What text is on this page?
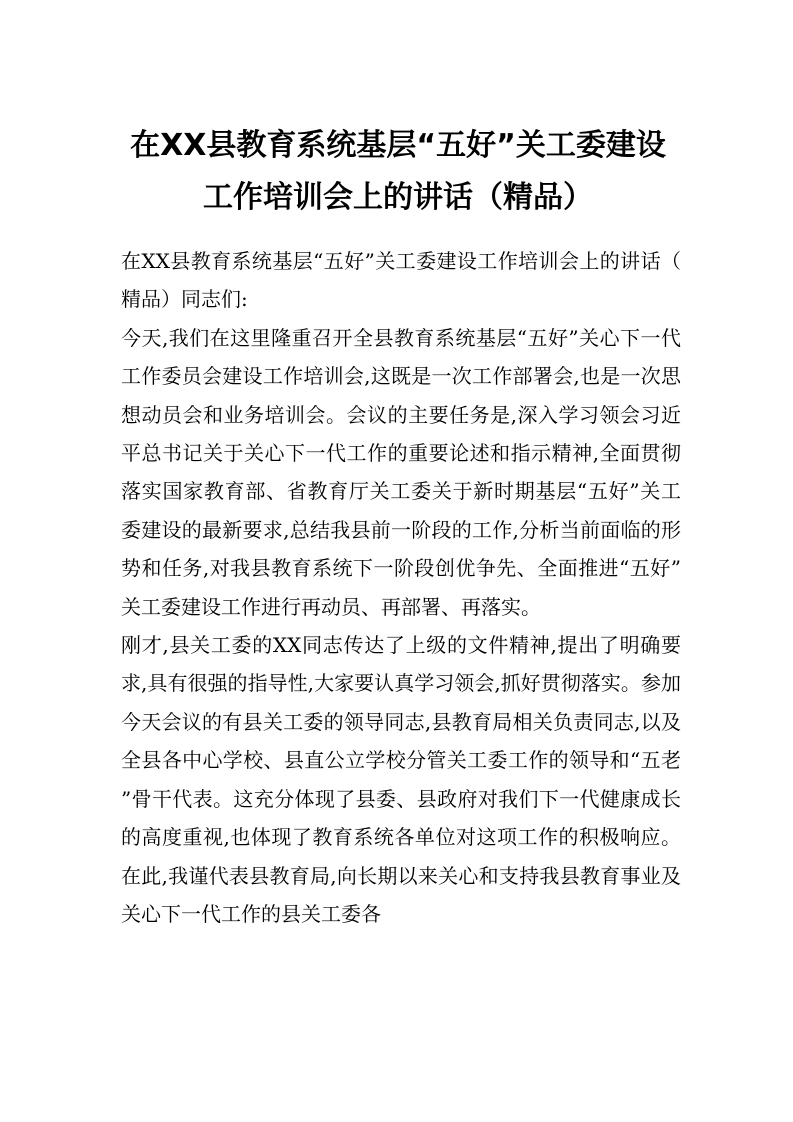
在XX县教育系统基层“五好”关工委建设
工作培训会上的讲话（精品）

在XX县教育系统基层“五好”关工委建设工作培训会上的讲话（精品）同志们:

今天,我们在这里隆重召开全县教育系统基层“五好”关心下一代工作委员会建设工作培训会,这既是一次工作部署会,也是一次思想动员会和业务培训会。会议的主要任务是,深入学习领会习近平总书记关于关心下一代工作的重要论述和指示精神,全面贯彻落实国家教育部、省教育厅关工委关于新时期基层“五好”关工委建设的最新要求,总结我县前一阶段的工作,分析当前面临的形势和任务,对我县教育系统下一阶段创优争先、全面推进“五好”关工委建设工作进行再动员、再部署、再落实。

刚才,县关工委的XX同志传达了上级的文件精神,提出了明确要求,具有很强的指导性,大家要认真学习领会,抓好贯彻落实。参加今天会议的有县关工委的领导同志,县教育局相关负责同志,以及全县各中心学校、县直公立学校分管关工委工作的领导和“五老”骨干代表。这充分体现了县委、县政府对我们下一代健康成长的高度重视,也体现了教育系统各单位对这项工作的积极响应。在此,我谨代表县教育局,向长期以来关心和支持我县教育事业及关心下一代工作的县关工委各
